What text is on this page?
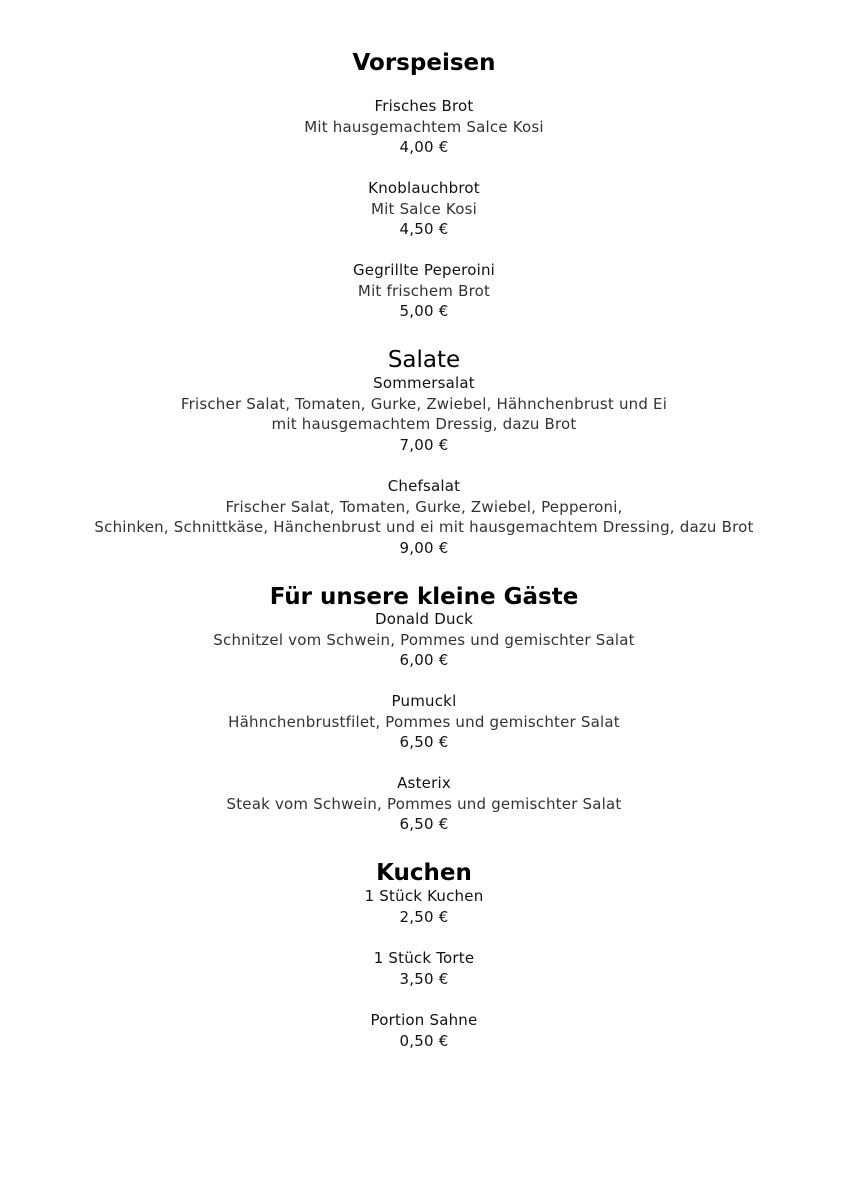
Vorspeisen
Frisches Brot
Mit hausgemachtem Salce Kosi
4,00 €
Knoblauchbrot
Mit Salce Kosi
4,50 €
Gegrillte Peperoini
Mit frischem Brot
5,00 €
Salate
Sommersalat
Frischer Salat, Tomaten, Gurke, Zwiebel, Hähnchenbrust und Ei
mit hausgemachtem Dressig, dazu Brot
7,00 €
Chefsalat
Frischer Salat, Tomaten, Gurke, Zwiebel, Pepperoni,
Schinken, Schnittkäse, Hänchenbrust und ei mit hausgemachtem Dressing, dazu Brot
9,00 €
Für unsere kleine Gäste
Donald Duck
Schnitzel vom Schwein, Pommes und gemischter Salat
6,00 €
Pumuckl
Hähnchenbrustfilet, Pommes und gemischter Salat
6,50 €
Asterix
Steak vom Schwein, Pommes und gemischter Salat
6,50 €
Kuchen
1 Stück Kuchen
2,50 €
1 Stück Torte
3,50 €
Portion Sahne
0,50 €
